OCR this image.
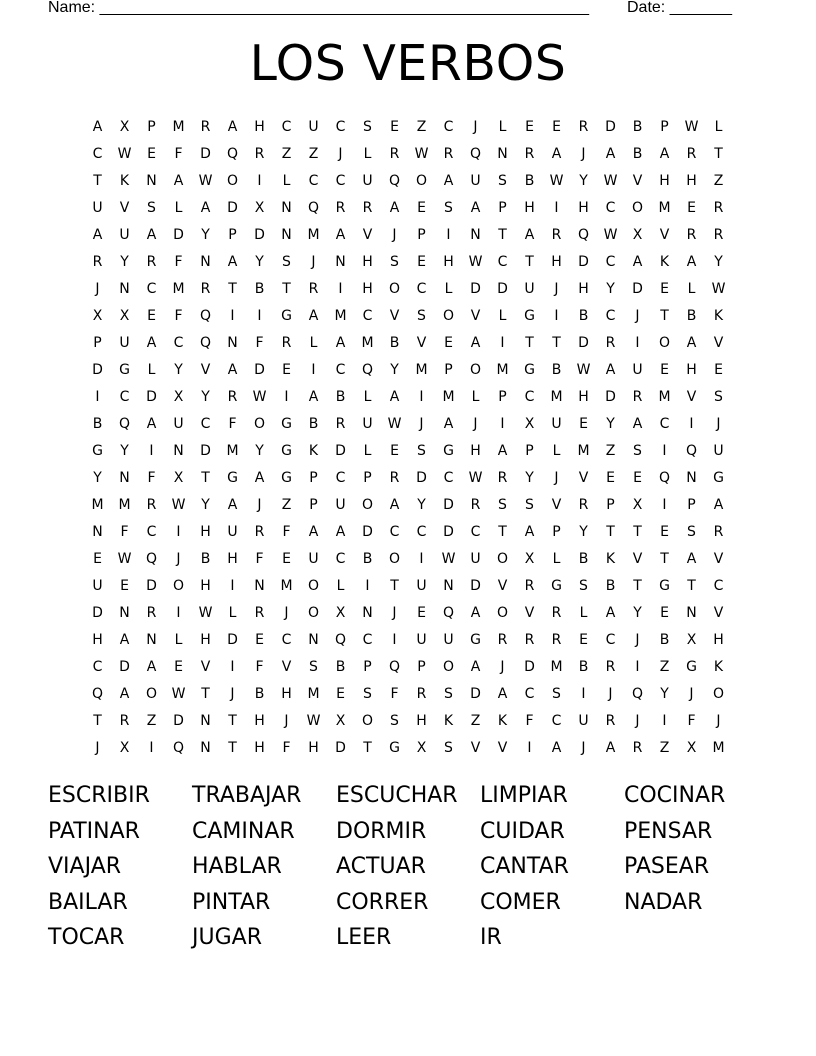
Name: _______________________________________________________ Date: _______
LOS VERBOS
A	X	P	M	R	A	H	C	U	C	S	E	Z	C	J	L	E	E	R	D	B	P	W	L
C	W	E	F	D	Q	R	Z	Z	J	L	R	W	R	Q	N	R	A	J	A	B	A	R	T
T	K	N	A	W	O	I	L	C	C	U	Q	O	A	U	S	B	W	Y	W	V	H	H	Z
U	V	S	L	A	D	X	N	Q	R	R	A	E	S	A	P	H	I	H	C	O	M	E	R
A	U	A	D	Y	P	D	N	M	A	V	J	P	I	N	T	A	R	Q	W	X	V	R	R
R	Y	R	F	N	A	Y	S	J	N	H	S	E	H	W	C	T	H	D	C	A	K	A	Y
J	N	C	M	R	T	B	T	R	I	H	O	C	L	D	D	U	J	H	Y	D	E	L	W
X	X	E	F	Q	I	I	G	A	M	C	V	S	O	V	L	G	I	B	C	J	T	B	K
P	U	A	C	Q	N	F	R	L	A	M	B	V	E	A	I	T	T	D	R	I	O	A	V
D	G	L	Y	V	A	D	E	I	C	Q	Y	M	P	O	M	G	B	W	A	U	E	H	E
I	C	D	X	Y	R	W	I	A	B	L	A	I	M	L	P	C	M	H	D	R	M	V	S
B	Q	A	U	C	F	O	G	B	R	U	W	J	A	J	I	X	U	E	Y	A	C	I	J
G	Y	I	N	D	M	Y	G	K	D	L	E	S	G	H	A	P	L	M	Z	S	I	Q	U
Y	N	F	X	T	G	A	G	P	C	P	R	D	C	W	R	Y	J	V	E	E	Q	N	G
M	M	R	W	Y	A	J	Z	P	U	O	A	Y	D	R	S	S	V	R	P	X	I	P	A
N	F	C	I	H	U	R	F	A	A	D	C	C	D	C	T	A	P	Y	T	T	E	S	R
E	W	Q	J	B	H	F	E	U	C	B	O	I	W	U	O	X	L	B	K	V	T	A	V
U	E	D	O	H	I	N	M	O	L	I	T	U	N	D	V	R	G	S	B	T	G	T	C
D	N	R	I	W	L	R	J	O	X	N	J	E	Q	A	O	V	R	L	A	Y	E	N	V
H	A	N	L	H	D	E	C	N	Q	C	I	U	U	G	R	R	R	E	C	J	B	X	H
C	D	A	E	V	I	F	V	S	B	P	Q	P	O	A	J	D	M	B	R	I	Z	G	K
Q	A	O	W	T	J	B	H	M	E	S	F	R	S	D	A	C	S	I	J	Q	Y	J	O
T	R	Z	D	N	T	H	J	W	X	O	S	H	K	Z	K	F	C	U	R	J	I	F	J
J	X	I	Q	N	T	H	F	H	D	T	G	X	S	V	V	I	A	J	A	R	Z	X	M
ESCRIBIR	TRABAJAR	ESCUCHAR	LIMPIAR	COCINAR
PATINAR	CAMINAR	DORMIR	CUIDAR	PENSAR
VIAJAR	HABLAR	ACTUAR	CANTAR	PASEAR
BAILAR	PINTAR	CORRER	COMER	NADAR
TOCAR	JUGAR	LEER	IR
